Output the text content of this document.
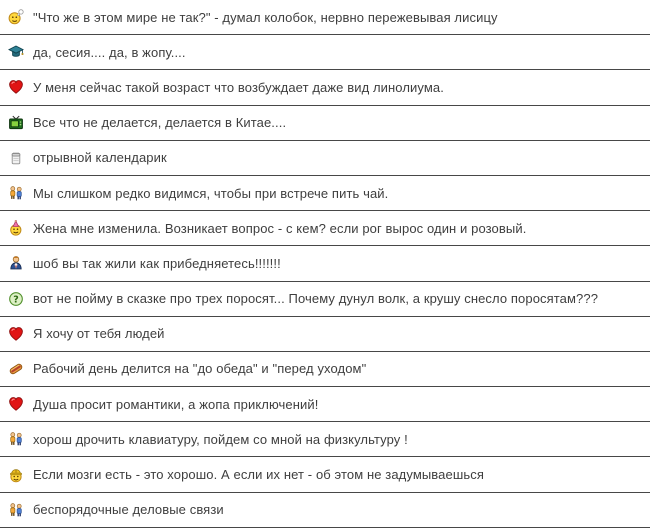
"Что же в этом мире не так?" - думал колобок, нервно пережевывая лисицу
да, сесия.... да, в жопу....
У меня сейчас такой возраст что возбуждает даже вид линолиума.
Все что не делается, делается в Китае....
отрывной календарик
Мы слишком редко видимся, чтобы при встрече пить чай.
Жена мне изменила. Возникает вопрос - с кем? если рог вырос один и розовый.
шоб вы так жили как прибедняетесь!!!!!!!
вот не пойму в сказке про трех поросят... Почему дунул волк, а крушу снесло поросятам???
Я хочу от тебя людей
Рабочий день делится на "до обеда" и "перед уходом"
Душа просит романтики, а жопа приключений!
хорош дрочить клавиатуру, пойдем со мной на физкультуру !
Если мозги есть - это хорошо. А если их нет - об этом не задумываешься
беспорядочные деловые связи
